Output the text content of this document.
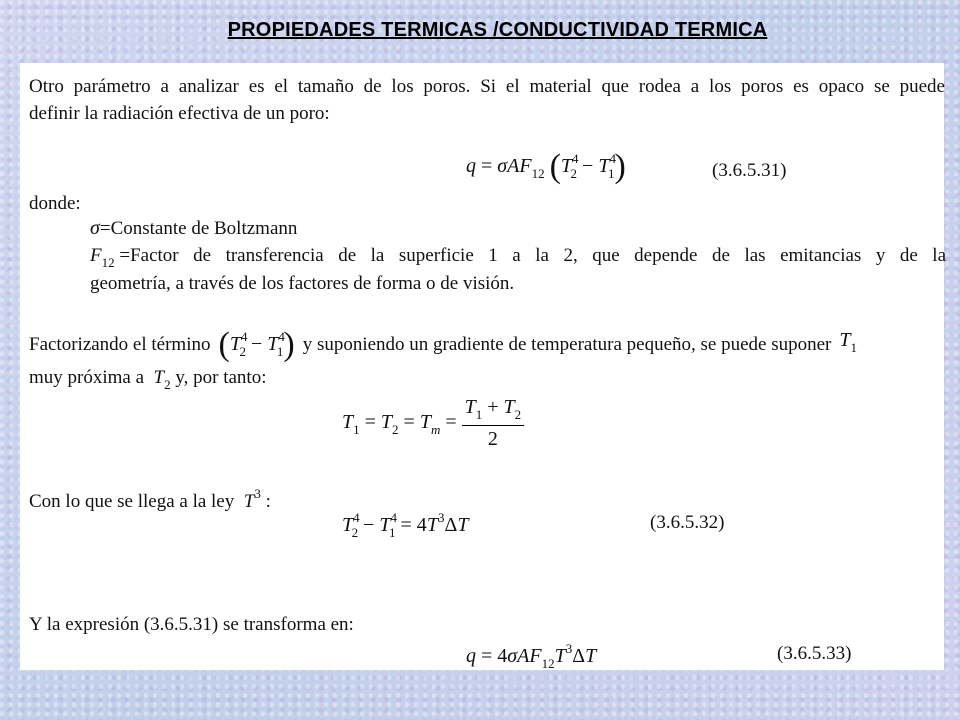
PROPIEDADES TERMICAS /CONDUCTIVIDAD TERMICA
Otro parámetro a analizar es el tamaño de los poros. Si el material que rodea a los poros es opaco se puede
definir la radiación efectiva de un poro:
q = σAF$_{12}$ $(T^4_2 - T^4_1)$	(3.6.5.31)
donde:
σ=Constante de Boltzmann
$F_{12}$ =Factor de transferencia de la superficie 1 a la 2, que depende de las emitancias y de la
geometría, a través de los factores de forma o de visión.
Factorizando el término $(T^4_2 - T^4_1)$ y suponiendo un gradiente de temperatura pequeño, se puede suponer $T_1$
muy próxima a  $T_2$ y, por tanto:
$T_1 = T_2 = T_m = \frac{T_1 + T_2}{2}$
Con lo que se llega a la ley  $T^3$ :
$T^4_2 - T^4_1 = 4T^3\Delta T$	(3.6.5.32)
Y la expresión (3.6.5.31) se transforma en:
$q = 4\sigma AF_{12}T^3\Delta T$	(3.6.5.33)
